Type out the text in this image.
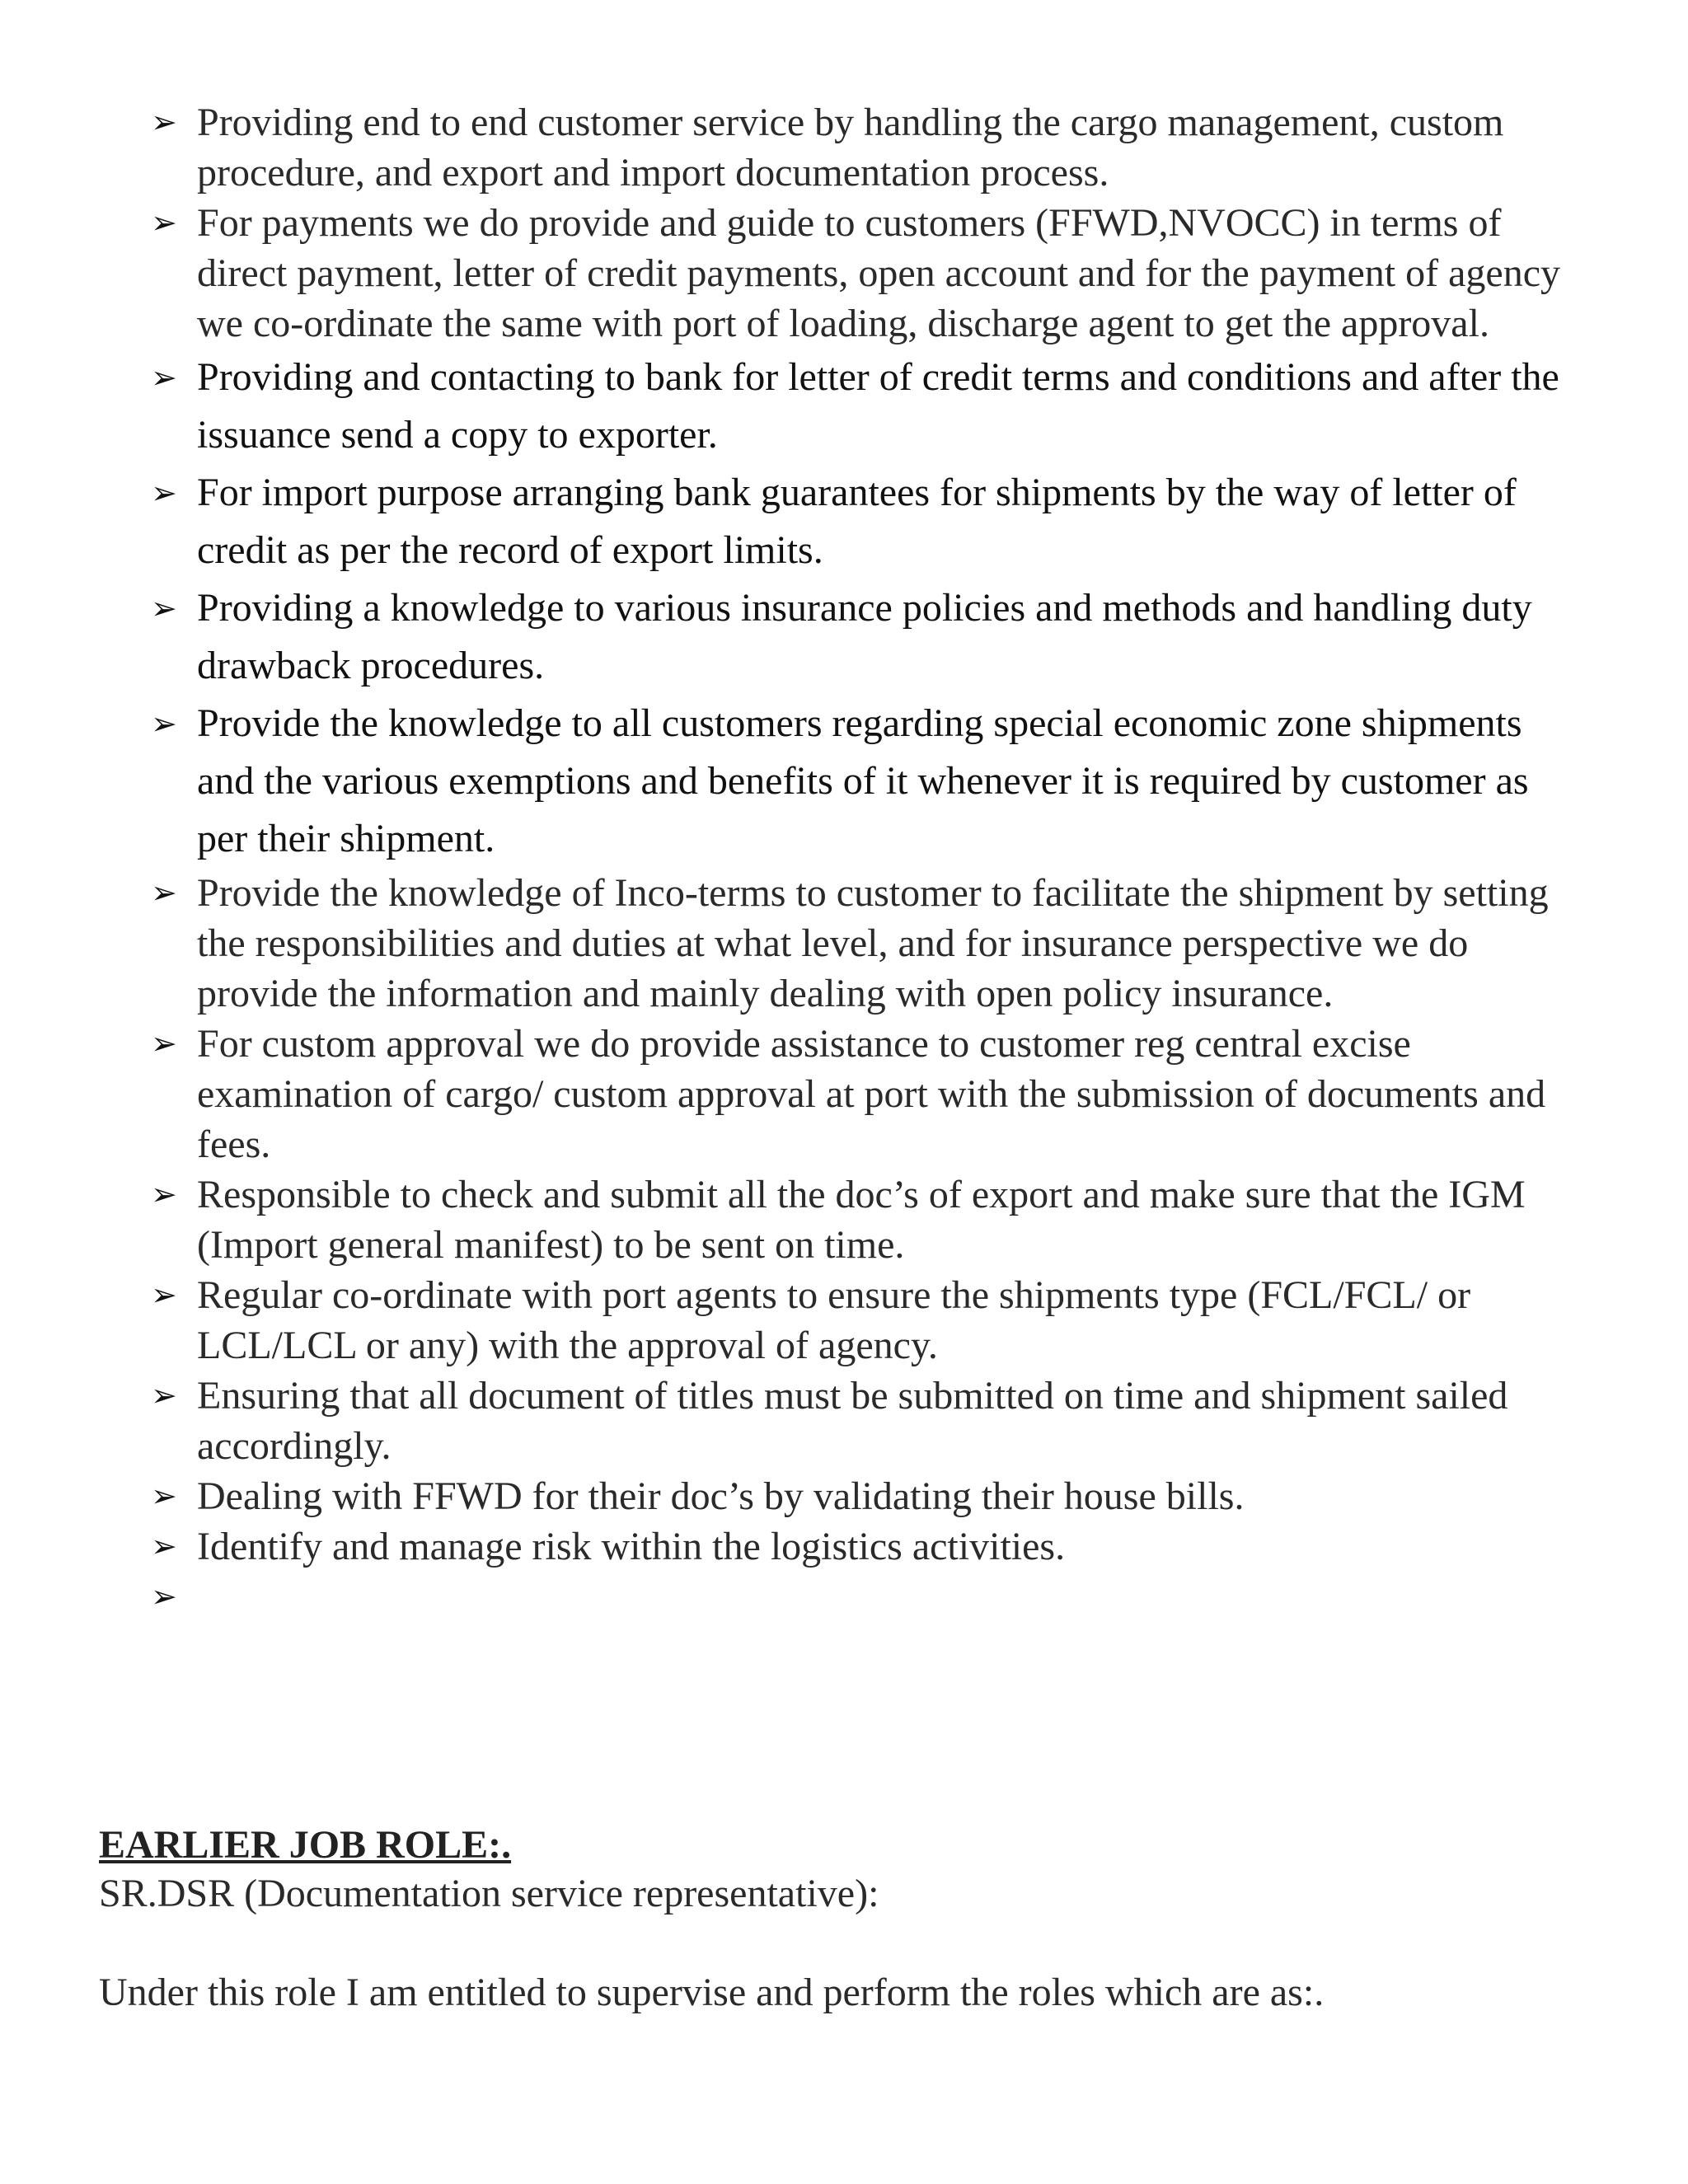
➢ Providing end to end customer service by handling the cargo management, custom procedure, and export and import documentation process.
➢ For payments we do provide and guide to customers (FFWD,NVOCC) in terms of direct payment, letter of credit payments, open account and for the payment of agency we co-ordinate the same with port of loading, discharge agent to get the approval.
➢ Providing and contacting to bank for letter of credit terms and conditions and after the issuance send a copy to exporter.
➢ For import purpose arranging bank guarantees for shipments by the way of letter of credit as per the record of export limits.
➢ Providing a knowledge to various insurance policies and methods and handling duty drawback procedures.
➢ Provide the knowledge to all customers regarding special economic zone shipments and the various exemptions and benefits of it whenever it is required by customer as per their shipment.
➢ Provide the knowledge of Inco-terms to customer to facilitate the shipment by setting the responsibilities and duties at what level, and for insurance perspective we do provide the information and mainly dealing with open policy insurance.
➢ For custom approval we do provide assistance to customer reg central excise examination of cargo/ custom approval at port with the submission of documents and fees.
➢ Responsible to check and submit all the doc’s of export and make sure that the IGM (Import general manifest) to be sent on time.
➢ Regular co-ordinate with port agents to ensure the shipments type (FCL/FCL/ or LCL/LCL or any) with the approval of agency.
➢ Ensuring that all document of titles must be submitted on time and shipment sailed accordingly.
➢ Dealing with FFWD for their doc’s by validating their house bills.
➢ Identify and manage risk within the logistics activities.
➢

EARLIER JOB ROLE:.

SR.DSR (Documentation service representative):

Under this role I am entitled to supervise and perform the roles which are as:.
